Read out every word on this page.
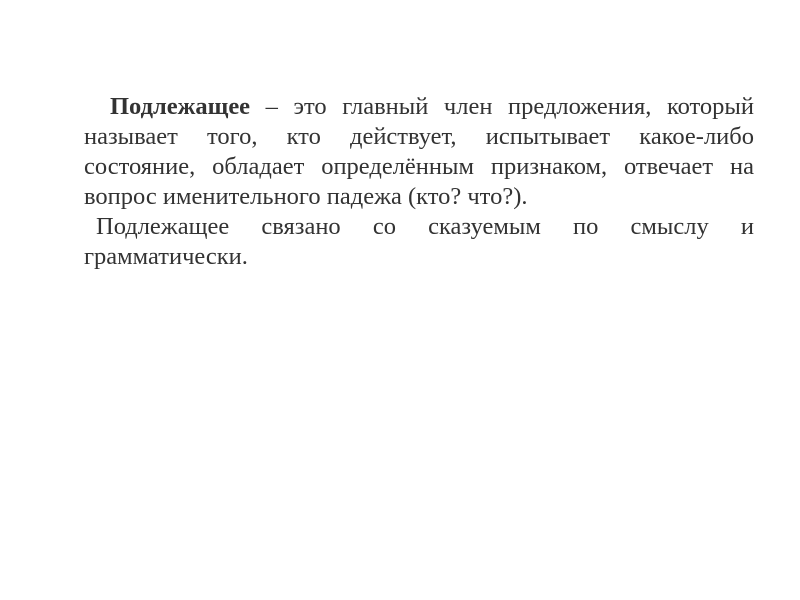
Подлежащее – это главный член предложения, который называет того, кто действует, испытывает какое-либо состояние, обладает определённым признаком, отвечает на вопрос именительного падежа (кто? что?).

Подлежащее связано со сказуемым по смыслу и грамматически.
